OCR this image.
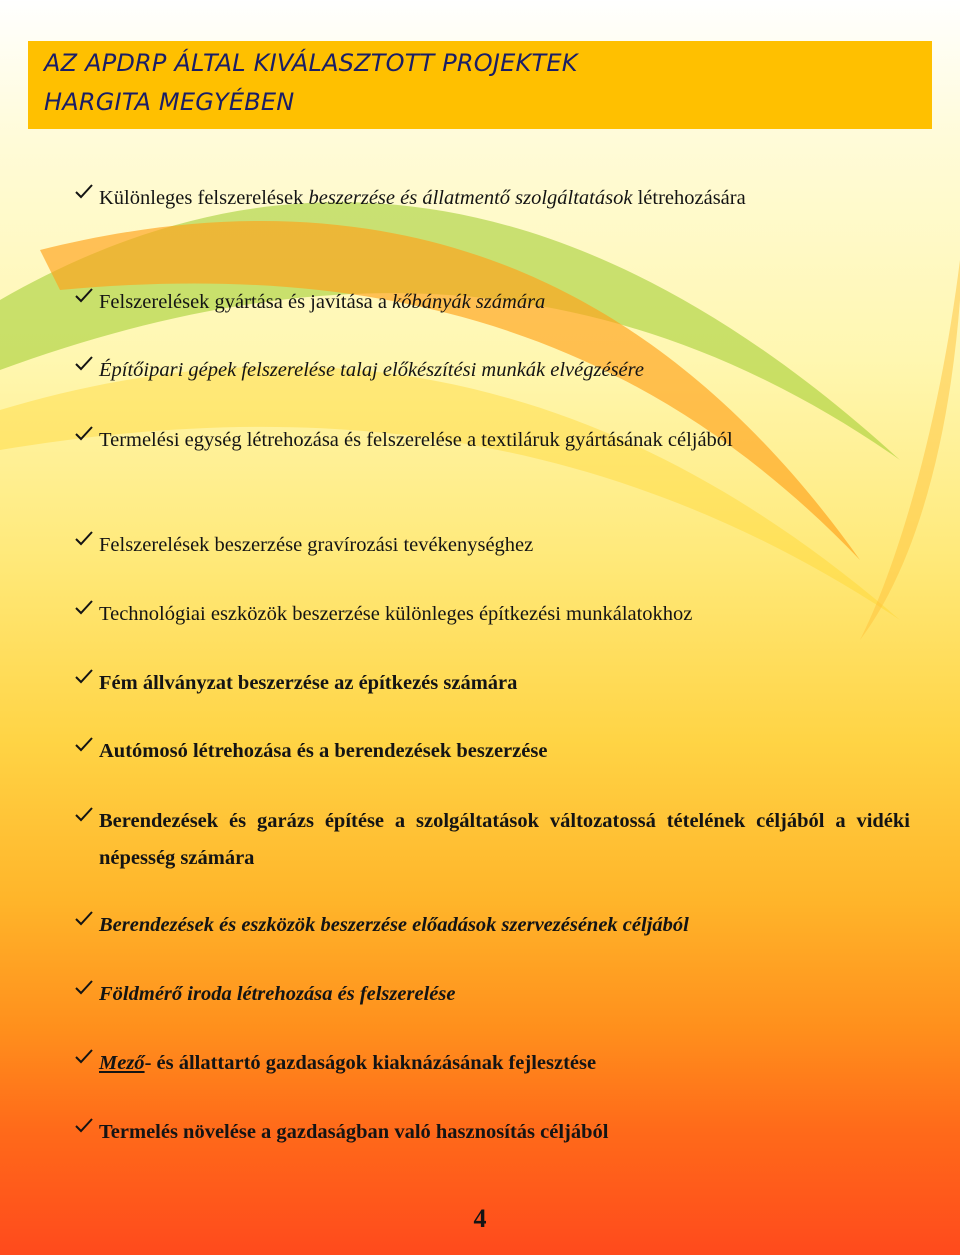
AZ APDRP ÁLTAL KIVÁLASZTOTT PROJEKTEK
HARGITA MEGYÉBEN
Különleges felszerelések beszerzése és állatmentő szolgáltatások létrehozására
Felszerelések gyártása és javítása a kőbányák számára
Építőipari gépek felszerelése talaj előkészítési munkák elvégzésére
Termelési egység létrehozása és felszerelése a textiláruk gyártásának céljából
Felszerelések beszerzése gravírozási tevékenységhez
Technológiai eszközök beszerzése különleges építkezési munkálatokhoz
Fém állványzat beszerzése az építkezés számára
Autómosó létrehozása és a berendezések beszerzése
Berendezések és garázs építése a szolgáltatások változatossá tételének céljából a vidéki népesség számára
Berendezések és eszközök beszerzése előadások szervezésének céljából
Földmérő iroda létrehozása és felszerelése
Mező- és állattartó gazdaságok kiaknázásának fejlesztése
Termelés növelése a gazdaságban való hasznosítás céljából
4
